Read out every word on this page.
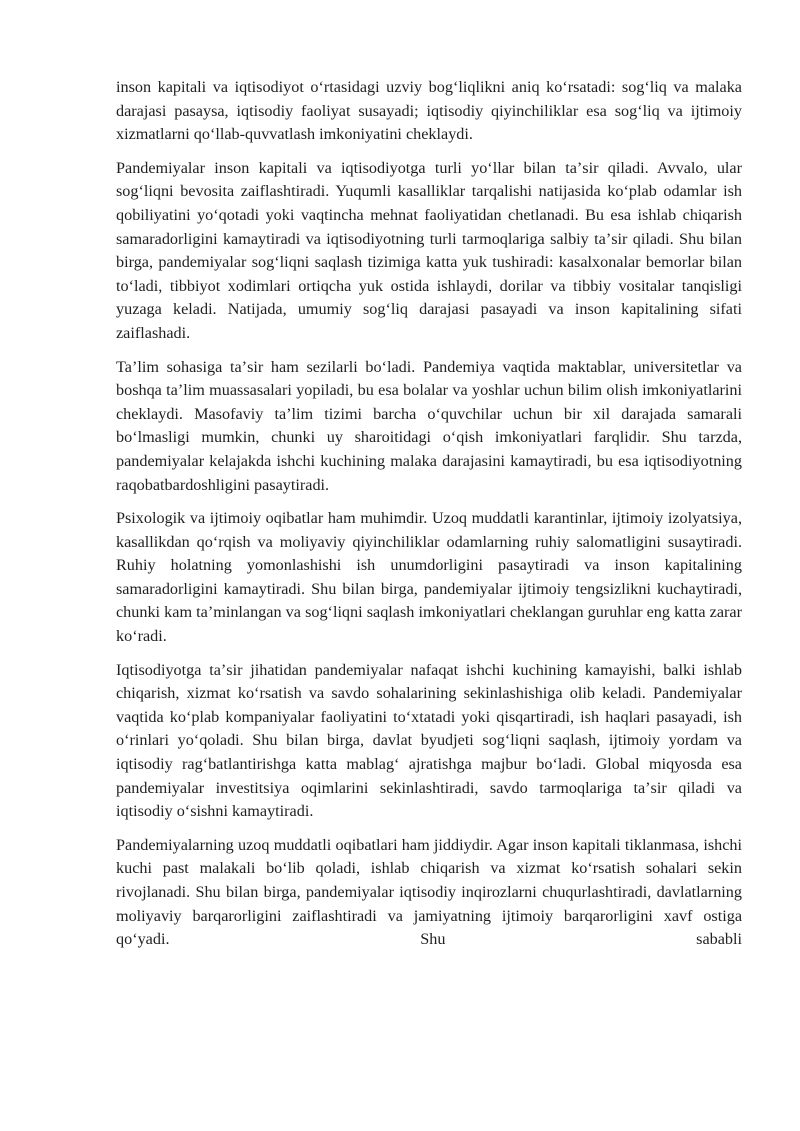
inson kapitali va iqtisodiyot oʻrtasidagi uzviy bogʻliqlikni aniq koʻrsatadi: sogʻliq va malaka darajasi pasaysa, iqtisodiy faoliyat susayadi; iqtisodiy qiyinchiliklar esa sogʻliq va ijtimoiy xizmatlarni qoʻllab-quvvatlash imkoniyatini cheklaydi.

Pandemiyalar inson kapitali va iqtisodiyotga turli yoʻllar bilan taʼsir qiladi. Avvalo, ular sogʻliqni bevosita zaiflashtiradi. Yuqumli kasalliklar tarqalishi natijasida koʻplab odamlar ish qobiliyatini yoʻqotadi yoki vaqtincha mehnat faoliyatidan chetlanadi. Bu esa ishlab chiqarish samaradorligini kamaytiradi va iqtisodiyotning turli tarmoqlariga salbiy taʼsir qiladi. Shu bilan birga, pandemiyalar sogʻliqni saqlash tizimiga katta yuk tushiradi: kasalxonalar bemorlar bilan toʻladi, tibbiyot xodimlari ortiqcha yuk ostida ishlaydi, dorilar va tibbiy vositalar tanqisligi yuzaga keladi. Natijada, umumiy sogʻliq darajasi pasayadi va inson kapitalining sifati zaiflashadi.

Taʼlim sohasiga taʼsir ham sezilarli boʻladi. Pandemiya vaqtida maktablar, universitetlar va boshqa taʼlim muassasalari yopiladi, bu esa bolalar va yoshlar uchun bilim olish imkoniyatlarini cheklaydi. Masofaviy taʼlim tizimi barcha oʻquvchilar uchun bir xil darajada samarali boʻlmasligi mumkin, chunki uy sharoitidagi oʻqish imkoniyatlari farqlidir. Shu tarzda, pandemiyalar kelajakda ishchi kuchining malaka darajasini kamaytiradi, bu esa iqtisodiyotning raqobatbardoshligini pasaytiradi.

Psixologik va ijtimoiy oqibatlar ham muhimdir. Uzoq muddatli karantinlar, ijtimoiy izolyatsiya, kasallikdan qoʻrqish va moliyaviy qiyinchiliklar odamlarning ruhiy salomatligini susaytiradi. Ruhiy holatning yomonlashishi ish unumdorligini pasaytiradi va inson kapitalining samaradorligini kamaytiradi. Shu bilan birga, pandemiyalar ijtimoiy tengsizlikni kuchaytiradi, chunki kam taʼminlangan va sogʻliqni saqlash imkoniyatlari cheklangan guruhlar eng katta zarar koʻradi.

Iqtisodiyotga taʼsir jihatidan pandemiyalar nafaqat ishchi kuchining kamayishi, balki ishlab chiqarish, xizmat koʻrsatish va savdo sohalarining sekinlashishiga olib keladi. Pandemiyalar vaqtida koʻplab kompaniyalar faoliyatini toʻxtatadi yoki qisqartiradi, ish haqlari pasayadi, ish oʻrinlari yoʻqoladi. Shu bilan birga, davlat byudjeti sogʻliqni saqlash, ijtimoiy yordam va iqtisodiy ragʻbatlantirishga katta mablagʻ ajratishga majbur boʻladi. Global miqyosda esa pandemiyalar investitsiya oqimlarini sekinlashtiradi, savdo tarmoqlariga taʼsir qiladi va iqtisodiy oʻsishni kamaytiradi.

Pandemiyalarning uzoq muddatli oqibatlari ham jiddiydir. Agar inson kapitali tiklanmasa, ishchi kuchi past malakali boʻlib qoladi, ishlab chiqarish va xizmat koʻrsatish sohalari sekin rivojlanadi. Shu bilan birga, pandemiyalar iqtisodiy inqirozlarni chuqurlashtiradi, davlatlarning moliyaviy barqarorligini zaiflashtiradi va jamiyatning ijtimoiy barqarorligini xavf ostiga qoʻyadi. Shu sababli
